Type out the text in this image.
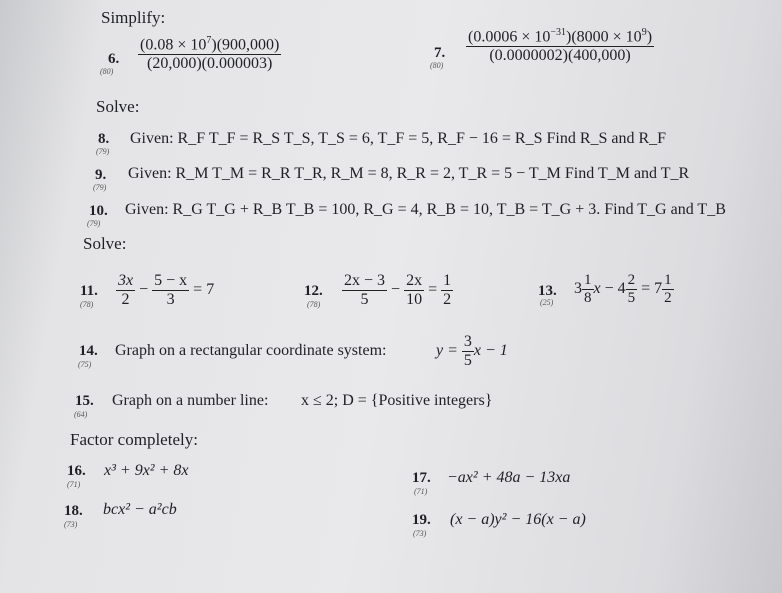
Simplify:
6.
$(80) \frac{(0.08 \times 10^7)(900,000)}{(20,000)(0.000003)}$	7.
(80)
$\frac{(0.0006 \times 10^{-31})(8000 \times 10^9)}{(0.0000002)(400,000)}$
Solve:
8.
(79)
Given: R_F T_F = R_S T_S, T_S = 6, T_F = 5, R_F − 16 = R_S Find R_S and R_F
9.
(79)
Given: R_M T_M = R_R T_R, R_M = 8, R_R = 2, T_R = 5 − T_M Find T_M and T_R
10.
(79)
Given: R_G T_G + R_B T_B = 100, R_G = 4, R_B = 10, T_B = T_G + 3. Find T_G and T_B
Solve:
11.
$(78) \frac{3x}{2} - \frac{5 - x}{3} = 7$	12.
$(78) \frac{2x - 3}{5} - \frac{2x}{10} = \frac{1}{2}$	13.
(25)
$3 \frac{1}{8}$ $x - 4 \frac{2}{5} = 7 \frac{1}{2}$
14.
(75)
Graph on a rectangular coordinate system:	$y = \frac{3}{5}$ x − 1
15.
(64)
Graph on a number line: x ≤ 2; D = {Positive integers}
Factor completely:
16.
(71)
x³ + 9x² + 8x	17.
(71)
−ax² + 48a − 13xa
18.
(73)
bcx² − a²cb
19.
(73)
(x − a)y² − 16(x − a)
